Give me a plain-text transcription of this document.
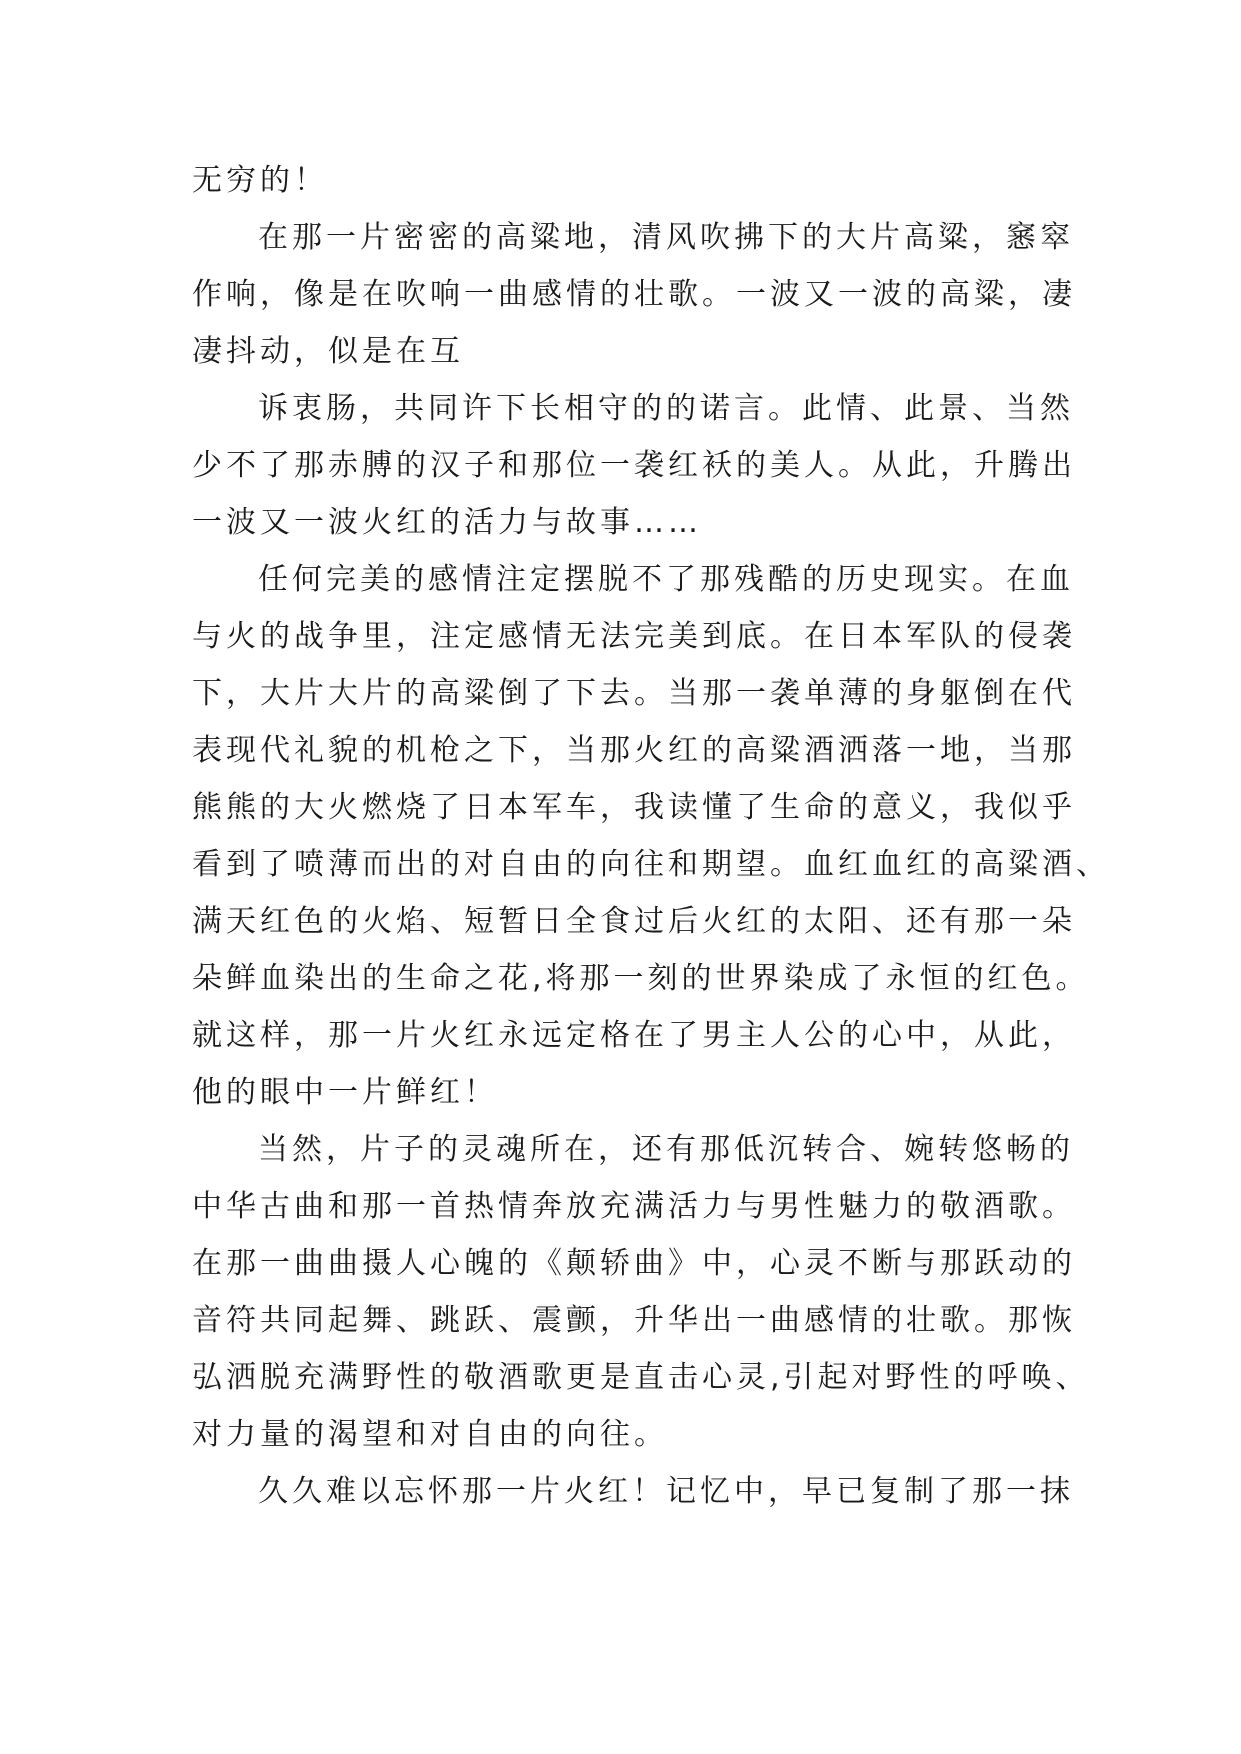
无穷的！
在那一片密密的高粱地，清风吹拂下的大片高粱，窸窣
作响，像是在吹响一曲感情的壮歌。一波又一波的高粱，凄
凄抖动，似是在互
诉衷肠，共同许下长相守的的诺言。此情、此景、当然
少不了那赤膊的汉子和那位一袭红袄的美人。从此，升腾出
一波又一波火红的活力与故事……
任何完美的感情注定摆脱不了那残酷的历史现实。在血
与火的战争里，注定感情无法完美到底。在日本军队的侵袭
下，大片大片的高粱倒了下去。当那一袭单薄的身躯倒在代
表现代礼貌的机枪之下，当那火红的高粱酒洒落一地，当那
熊熊的大火燃烧了日本军车，我读懂了生命的意义，我似乎
看到了喷薄而出的对自由的向往和期望。血红血红的高粱酒、
满天红色的火焰、短暂日全食过后火红的太阳、还有那一朵
朵鲜血染出的生命之花,将那一刻的世界染成了永恒的红色。
就这样，那一片火红永远定格在了男主人公的心中，从此，
他的眼中一片鲜红！
当然，片子的灵魂所在，还有那低沉转合、婉转悠畅的
中华古曲和那一首热情奔放充满活力与男性魅力的敬酒歌。
在那一曲曲摄人心魄的《颠轿曲》中，心灵不断与那跃动的
音符共同起舞、跳跃、震颤，升华出一曲感情的壮歌。那恢
弘洒脱充满野性的敬酒歌更是直击心灵,引起对野性的呼唤、
对力量的渴望和对自由的向往。
久久难以忘怀那一片火红！记忆中，早已复制了那一抹
